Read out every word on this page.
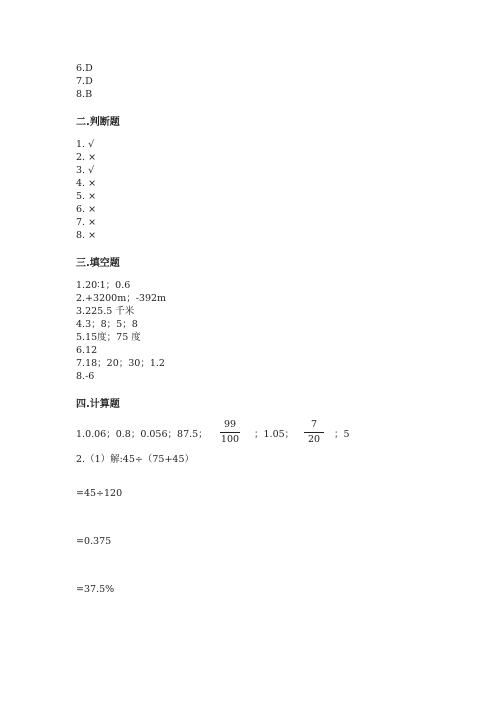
6.D
7.D
8.B
二.判断题
1. √
2. ×
3. √
4. ×
5. ×
6. ×
7. ×
8. ×
三.填空题
1.20∶1；0.6
2.+3200m；-392m
3.225.5 千米
4.3；8；5；8
5.15度；75 度
6.12
7.18；20；30；1.2
8.-6
四.计算题
1.0.06；0.8；0.056；87.5；
99
100	；1.05；
7
20	；5
2.（1）解:45÷（75+45）
=45÷120
=0.375
=37.5%
